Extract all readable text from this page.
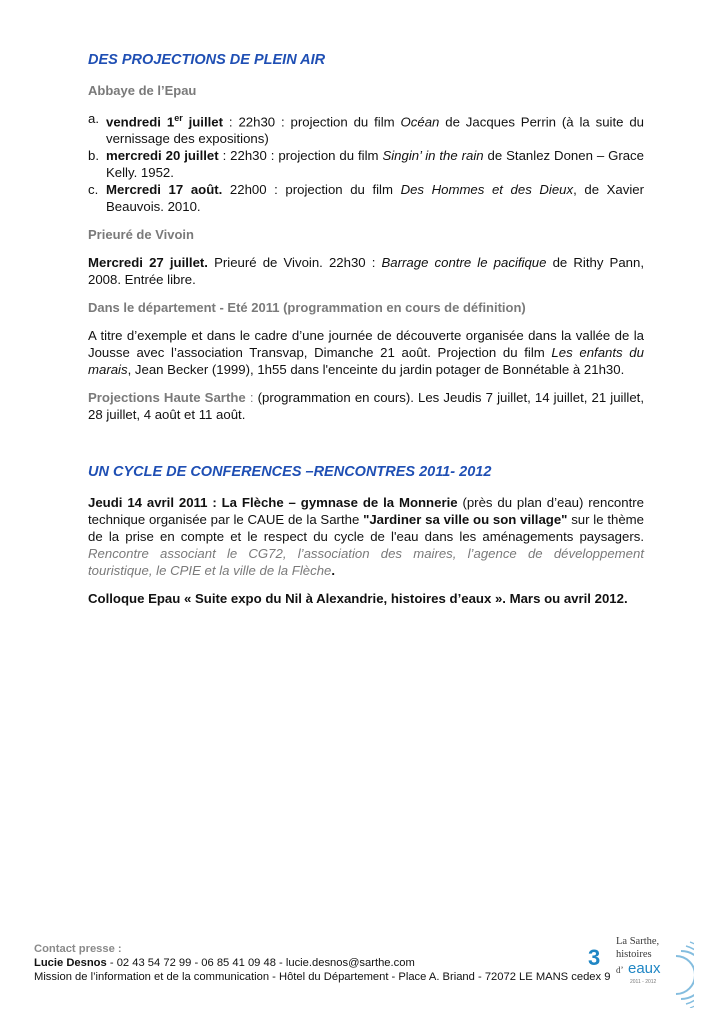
DES PROJECTIONS DE PLEIN AIR
Abbaye de l’Epau
a. vendredi 1er juillet : 22h30 : projection du film Océan de Jacques Perrin (à la suite du vernissage des expositions)
b. mercredi 20 juillet : 22h30 : projection du film Singin’ in the rain de Stanlez Donen – Grace Kelly. 1952.
c. Mercredi 17 août. 22h00 : projection du film Des Hommes et des Dieux, de Xavier Beauvois. 2010.
Prieuré de Vivoin
Mercredi 27 juillet. Prieuré de Vivoin. 22h30 : Barrage contre le pacifique de Rithy Pann, 2008. Entrée libre.
Dans le département - Eté 2011 (programmation en cours de définition)
A titre d’exemple et dans le cadre d’une journée de découverte organisée dans la vallée de la Jousse avec l’association Transvap, Dimanche 21 août. Projection du film Les enfants du marais, Jean Becker (1999), 1h55 dans l'enceinte du jardin potager de Bonnétable à 21h30.
Projections Haute Sarthe : (programmation en cours). Les Jeudis 7 juillet, 14 juillet, 21 juillet, 28 juillet, 4 août et 11 août.
UN CYCLE DE CONFERENCES –RENCONTRES 2011- 2012
Jeudi 14 avril 2011 : La Flèche – gymnase de la Monnerie (près du plan d’eau) rencontre technique organisée par le CAUE de la Sarthe "Jardiner sa ville ou son village" sur le thème de la prise en compte et le respect du cycle de l'eau dans les aménagements paysagers. Rencontre associant le CG72, l’association des maires, l’agence de développement touristique, le CPIE et la ville de la Flèche.
Colloque Epau « Suite expo du Nil à Alexandrie, histoires d’eaux ». Mars ou avril 2012.
Contact presse :
Lucie Desnos - 02 43 54 72 99 - 06 85 41 09 48 - lucie.desnos@sarthe.com
Mission de l’information et de la communication - Hôtel du Département - Place A. Briand - 72072 LE MANS cedex 9
3
La Sarthe,
histoires
d’ eaux
2011 - 2012
